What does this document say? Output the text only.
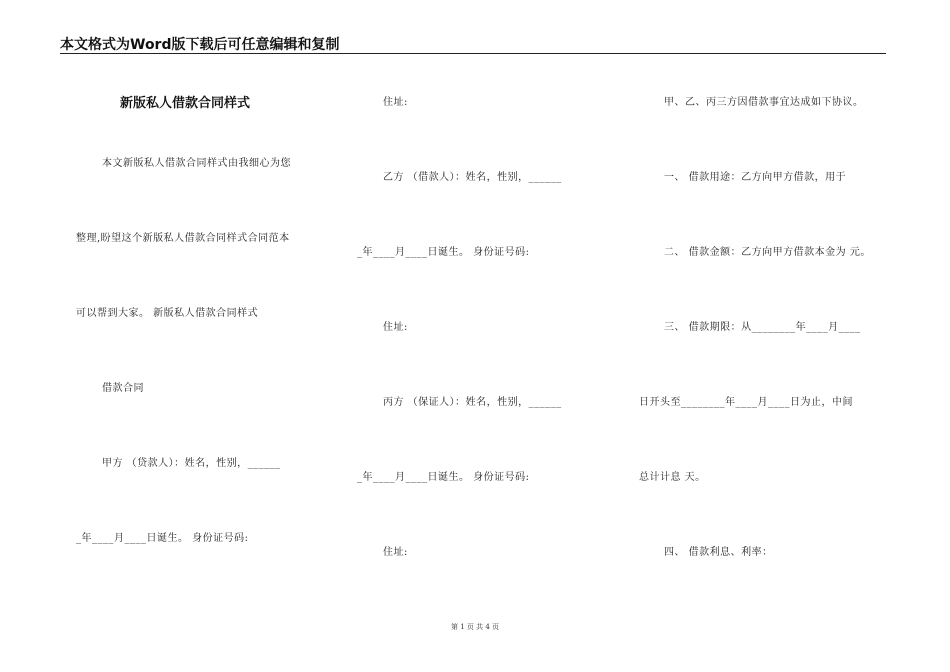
本文格式为Word版下载后可任意编辑和复制
新版私人借款合同样式
本文新版私人借款合同样式由我细心为您
整理,盼望这个新版私人借款合同样式合同范本
可以帮到大家。 新版私人借款合同样式
借款合同
甲方 （贷款人）：姓名，性别，______
_年____月____日诞生。 身份证号码:
住址:
乙方 （借款人）：姓名，性别，______
_年____月____日诞生。 身份证号码:
住址:
丙方 （保证人）：姓名，性别，______
_年____月____日诞生。 身份证号码:
住址:
甲、乙、丙三方因借款事宜达成如下协议。
一、 借款用途：乙方向甲方借款，用于
二、 借款金额：乙方向甲方借款本金为 元。
三、 借款期限：从________年____月____
日开头至________年____月____日为止，中间
总计计息 天。
四、 借款利息、利率：
第 1 页 共 4 页
